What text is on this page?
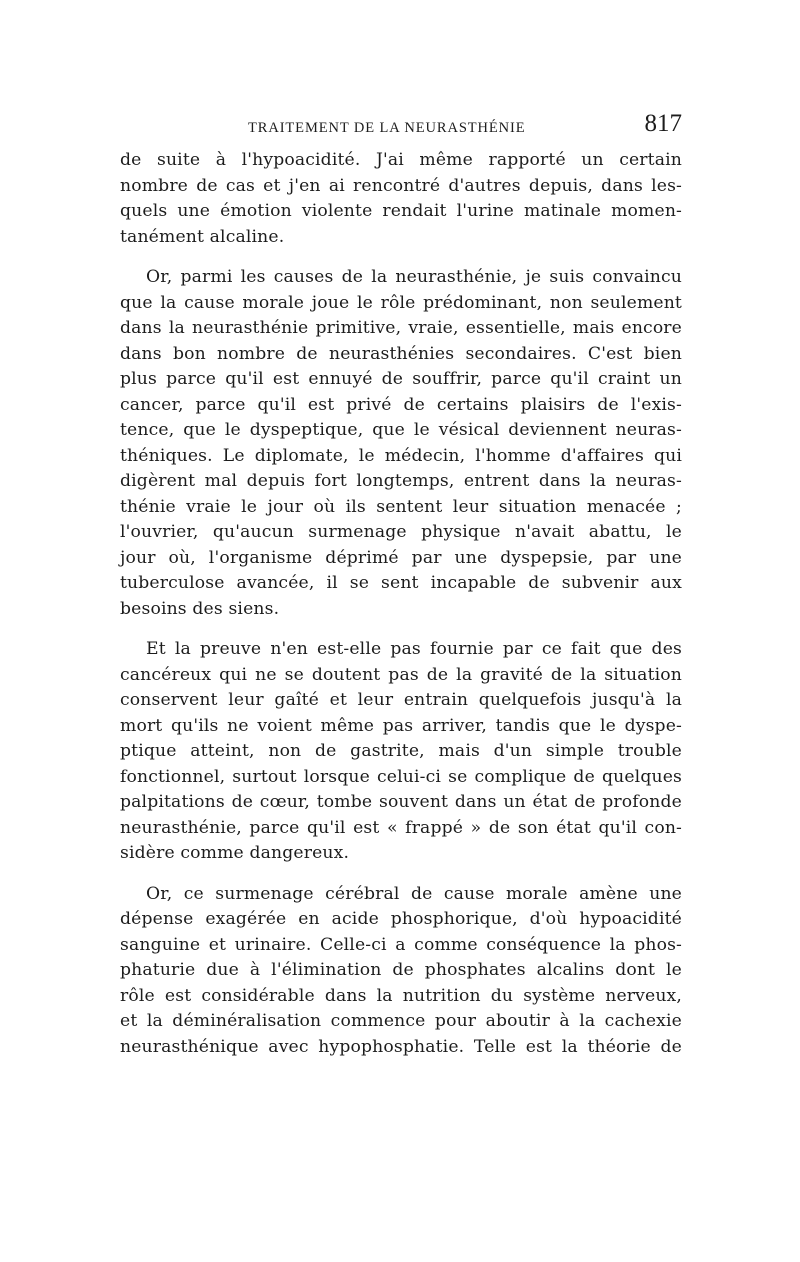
TRAITEMENT DE LA NEURASTHÉNIE	817
de suite à l'hypoacidité. J'ai même rapporté un certain
nombre de cas et j'en ai rencontré d'autres depuis, dans les-
quels une émotion violente rendait l'urine matinale momen-
tanément alcaline.
Or, parmi les causes de la neurasthénie, je suis convaincu
que la cause morale joue le rôle prédominant, non seulement
dans la neurasthénie primitive, vraie, essentielle, mais encore
dans bon nombre de neurasthénies secondaires. C'est bien
plus parce qu'il est ennuyé de souffrir, parce qu'il craint un
cancer, parce qu'il est privé de certains plaisirs de l'exis-
tence, que le dyspeptique, que le vésical deviennent neuras-
théniques. Le diplomate, le médecin, l'homme d'affaires qui
digèrent mal depuis fort longtemps, entrent dans la neuras-
thénie vraie le jour où ils sentent leur situation menacée ;
l'ouvrier, qu'aucun surmenage physique n'avait abattu, le
jour où, l'organisme déprimé par une dyspepsie, par une
tuberculose avancée, il se sent incapable de subvenir aux
besoins des siens.
Et la preuve n'en est-elle pas fournie par ce fait que des
cancéreux qui ne se doutent pas de la gravité de la situation
conservent leur gaîté et leur entrain quelquefois jusqu'à la
mort qu'ils ne voient même pas arriver, tandis que le dyspe-
ptique atteint, non de gastrite, mais d'un simple trouble
fonctionnel, surtout lorsque celui-ci se complique de quelques
palpitations de cœur, tombe souvent dans un état de profonde
neurasthénie, parce qu'il est « frappé » de son état qu'il con-
sidère comme dangereux.
Or, ce surmenage cérébral de cause morale amène une
dépense exagérée en acide phosphorique, d'où hypoacidité
sanguine et urinaire. Celle-ci a comme conséquence la phos-
phaturie due à l'élimination de phosphates alcalins dont le
rôle est considérable dans la nutrition du système nerveux,
et la déminéralisation commence pour aboutir à la cachexie
neurasthénique avec hypophosphatie. Telle est la théorie de
